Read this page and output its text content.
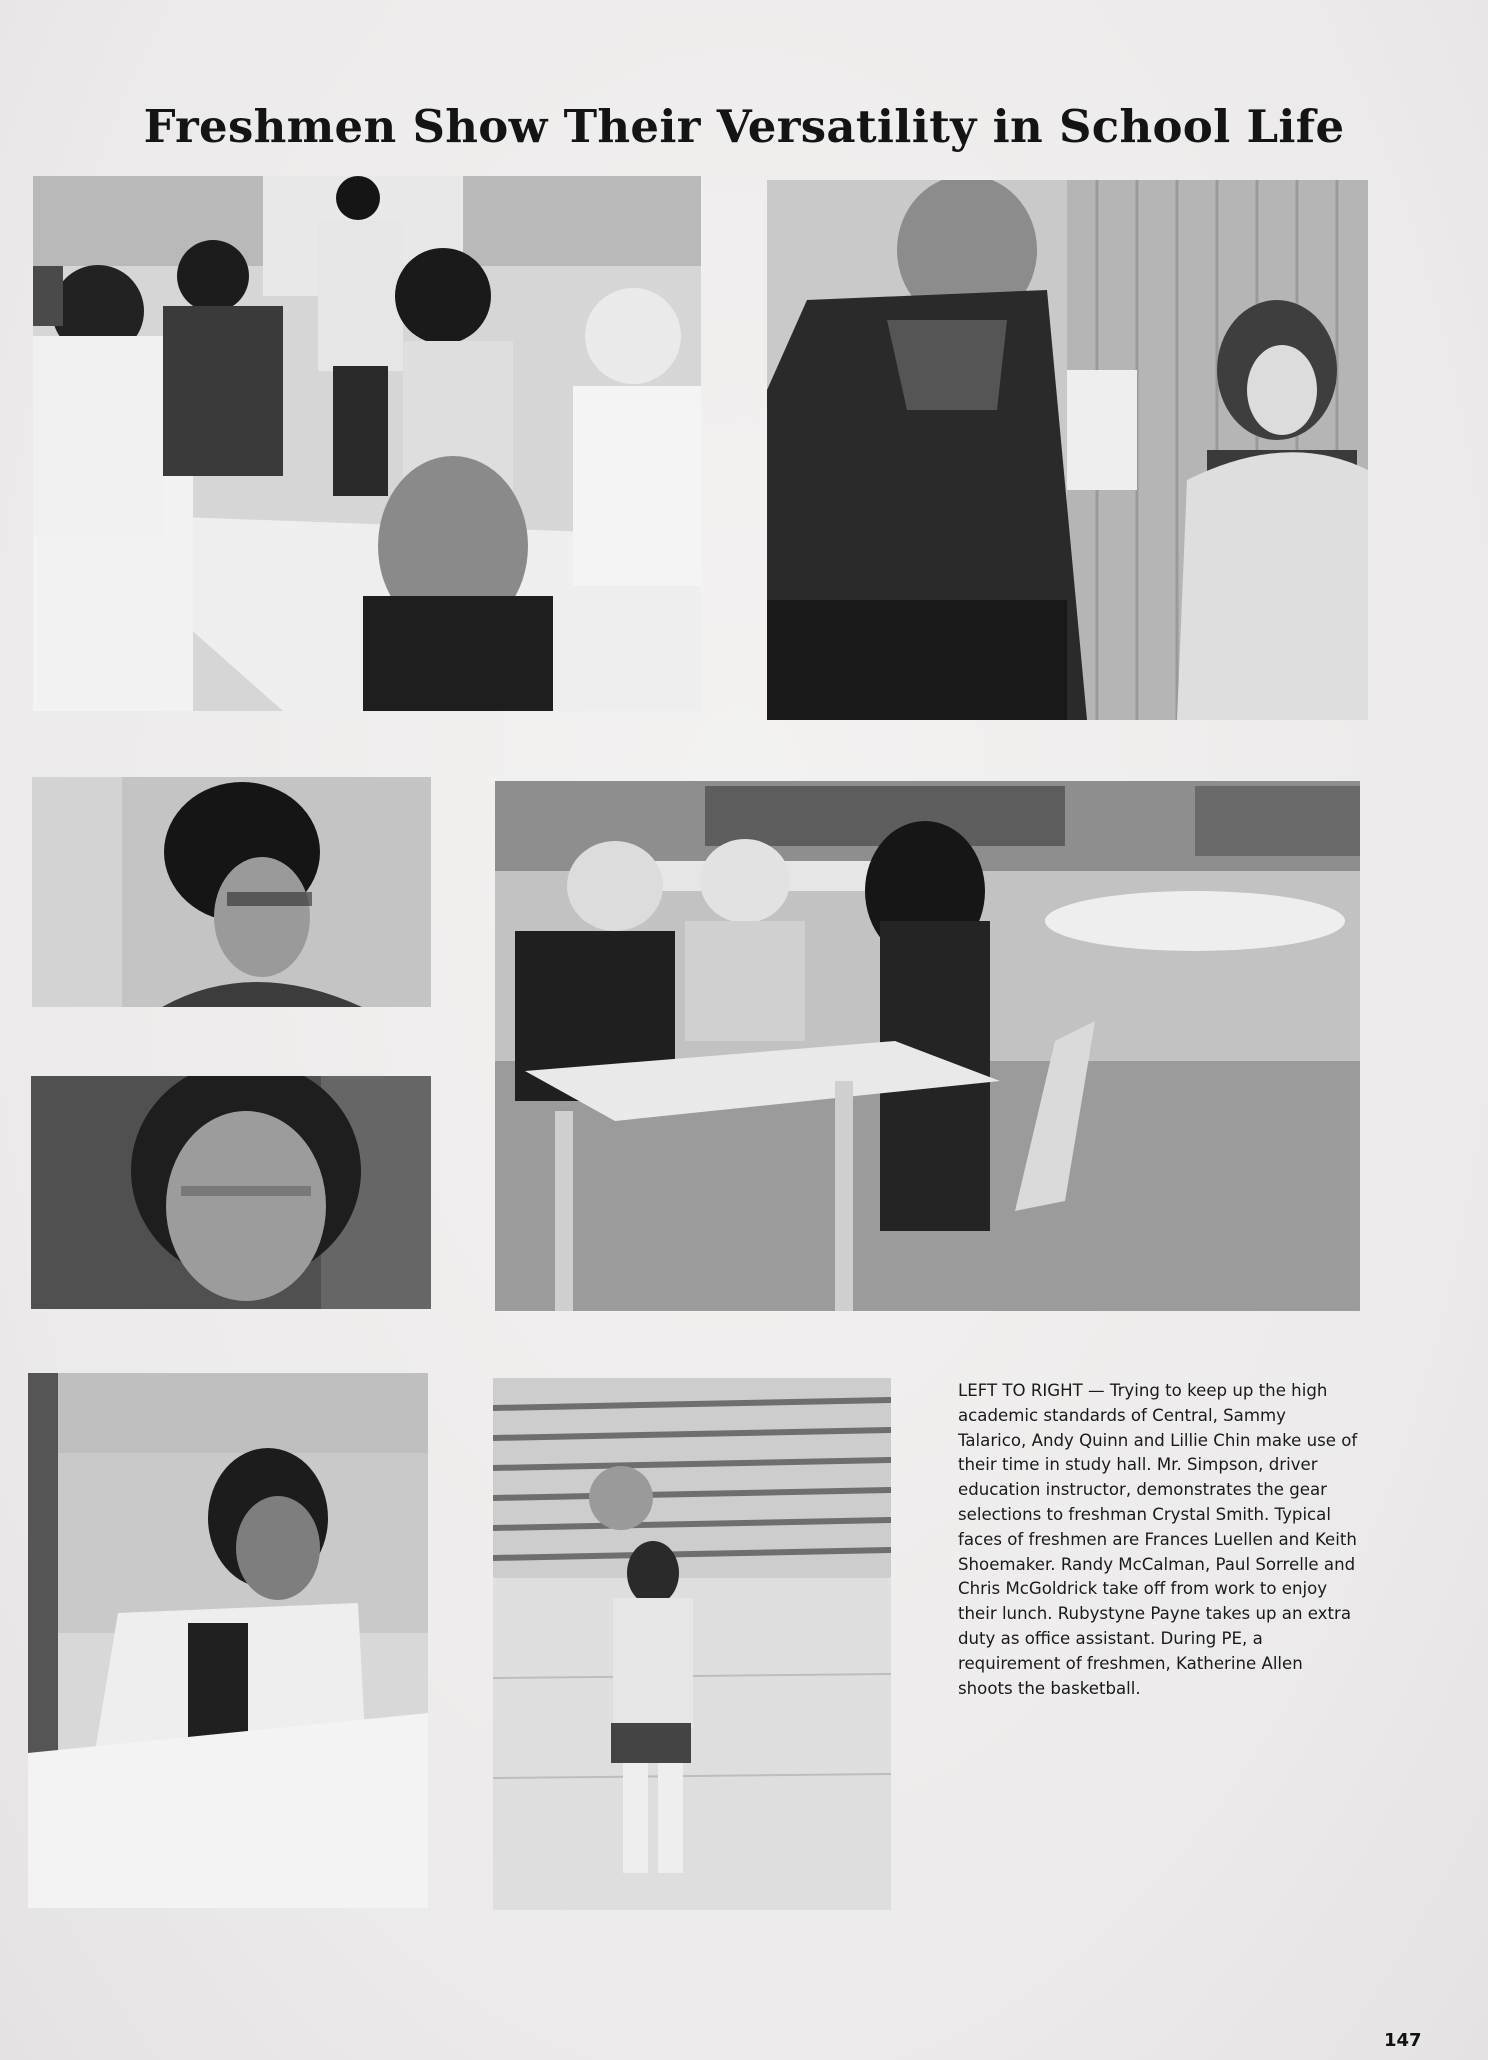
Freshmen Show Their Versatility in School Life
LEFT TO RIGHT — Trying to keep up the high academic standards of Central, Sammy Talarico, Andy Quinn and Lillie Chin make use of their time in study hall. Mr. Simpson, driver education instructor, demonstrates the gear selections to freshman Crystal Smith. Typical faces of freshmen are Frances Luellen and Keith Shoemaker. Randy McCalman, Paul Sorrelle and Chris McGoldrick take off from work to enjoy their lunch. Rubystyne Payne takes up an extra duty as office assistant. During PE, a requirement of freshmen, Katherine Allen shoots the basketball.
147
